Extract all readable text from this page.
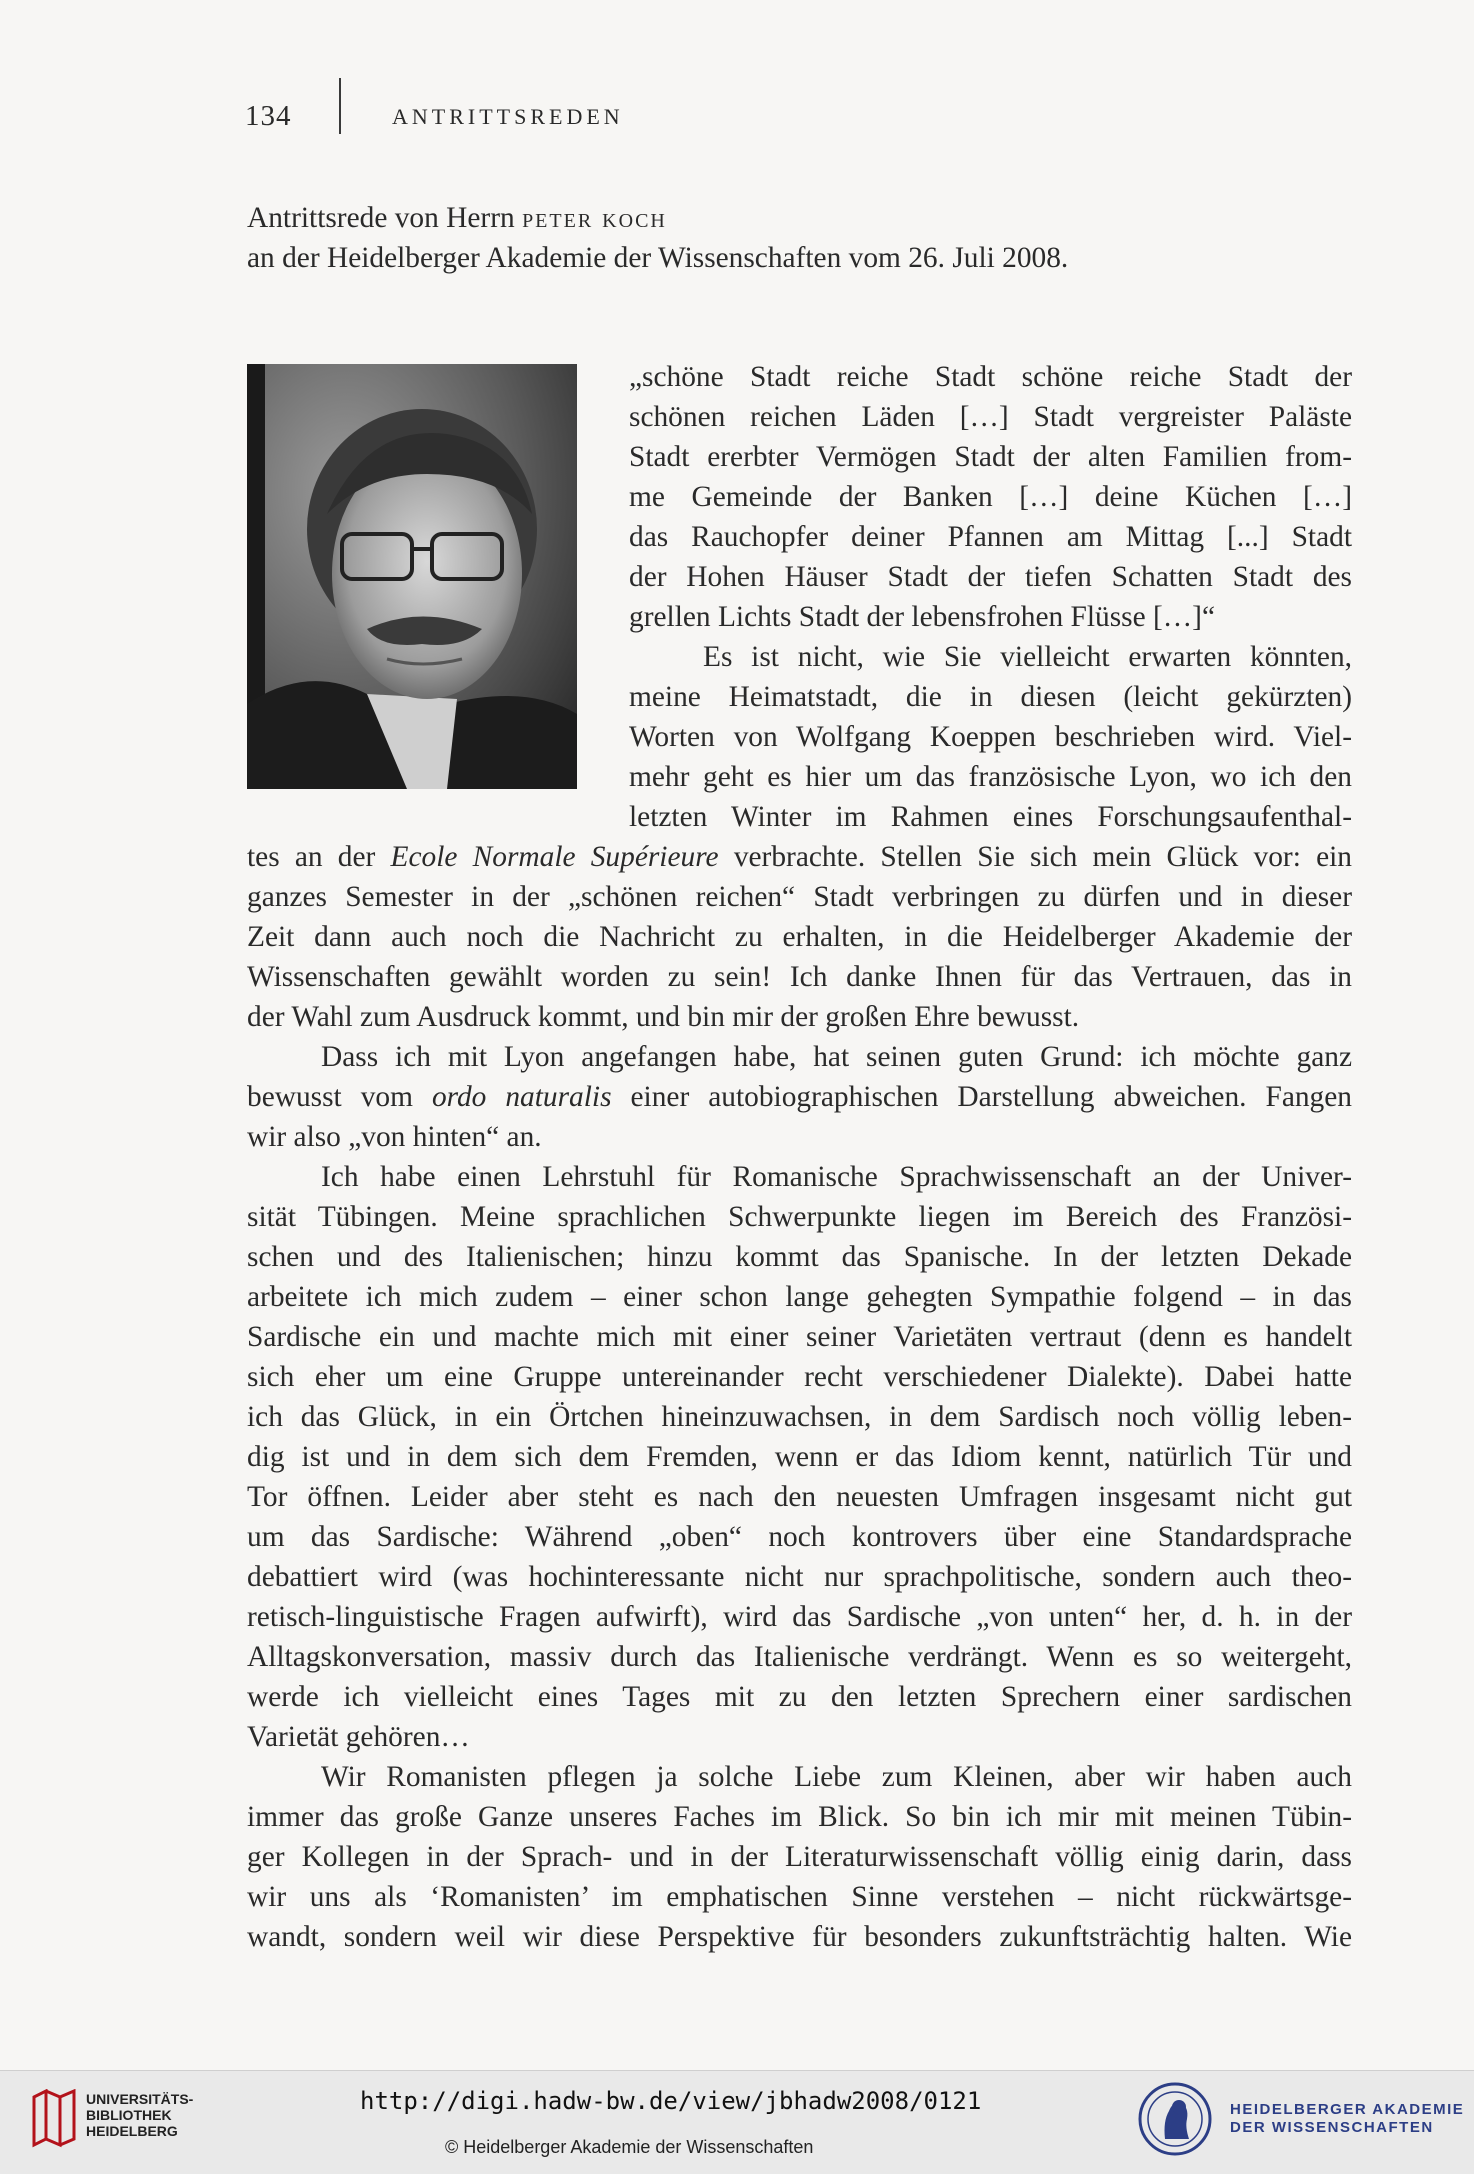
134	ANTRITTSREDEN
Antrittsrede von Herrn peter koch
an der Heidelberger Akademie der Wissenschaften vom 26. Juli 2008.
„schöne Stadt reiche Stadt schöne reiche Stadt der
schönen reichen Läden […] Stadt vergreister Paläste
Stadt ererbter Vermögen Stadt der alten Familien from-
me Gemeinde der Banken […] deine Küchen […]
das Rauchopfer deiner Pfannen am Mittag [...] Stadt
der Hohen Häuser Stadt der tiefen Schatten Stadt des
grellen Lichts Stadt der lebensfrohen Flüsse […]“
Es ist nicht, wie Sie vielleicht erwarten könnten,
meine Heimatstadt, die in diesen (leicht gekürzten)
Worten von Wolfgang Koeppen beschrieben wird. Viel-
mehr geht es hier um das französische Lyon, wo ich den
letzten Winter im Rahmen eines Forschungsaufenthal-
tes an der Ecole Normale Supérieure verbrachte. Stellen Sie sich mein Glück vor: ein
ganzes Semester in der „schönen reichen“ Stadt verbringen zu dürfen und in dieser
Zeit dann auch noch die Nachricht zu erhalten, in die Heidelberger Akademie der
Wissenschaften gewählt worden zu sein! Ich danke Ihnen für das Vertrauen, das in
der Wahl zum Ausdruck kommt, und bin mir der großen Ehre bewusst.
Dass ich mit Lyon angefangen habe, hat seinen guten Grund: ich möchte ganz
bewusst vom ordo naturalis einer autobiographischen Darstellung abweichen. Fangen
wir also „von hinten“ an.
Ich habe einen Lehrstuhl für Romanische Sprachwissenschaft an der Univer-
sität Tübingen. Meine sprachlichen Schwerpunkte liegen im Bereich des Französi-
schen und des Italienischen; hinzu kommt das Spanische. In der letzten Dekade
arbeitete ich mich zudem – einer schon lange gehegten Sympathie folgend – in das
Sardische ein und machte mich mit einer seiner Varietäten vertraut (denn es handelt
sich eher um eine Gruppe untereinander recht verschiedener Dialekte). Dabei hatte
ich das Glück, in ein Örtchen hineinzuwachsen, in dem Sardisch noch völlig leben-
dig ist und in dem sich dem Fremden, wenn er das Idiom kennt, natürlich Tür und
Tor öffnen. Leider aber steht es nach den neuesten Umfragen insgesamt nicht gut
um das Sardische: Während „oben“ noch kontrovers über eine Standardsprache
debattiert wird (was hochinteressante nicht nur sprachpolitische, sondern auch theo-
retisch-linguistische Fragen aufwirft), wird das Sardische „von unten“ her, d. h. in der
Alltagskonversation, massiv durch das Italienische verdrängt. Wenn es so weitergeht,
werde ich vielleicht eines Tages mit zu den letzten Sprechern einer sardischen
Varietät gehören…
Wir Romanisten pflegen ja solche Liebe zum Kleinen, aber wir haben auch
immer das große Ganze unseres Faches im Blick. So bin ich mir mit meinen Tübin-
ger Kollegen in der Sprach- und in der Literaturwissenschaft völlig einig darin, dass
wir uns als ‘Romanisten’ im emphatischen Sinne verstehen – nicht rückwärtsge-
wandt, sondern weil wir diese Perspektive für besonders zukunftsträchtig halten. Wie
UNIVERSITÄTS-
BIBLIOTHEK
HEIDELBERG
http://digi.hadw-bw.de/view/jbhadw2008/0121
© Heidelberger Akademie der Wissenschaften
HEIDELBERGER AKADEMIE
DER WISSENSCHAFTEN
